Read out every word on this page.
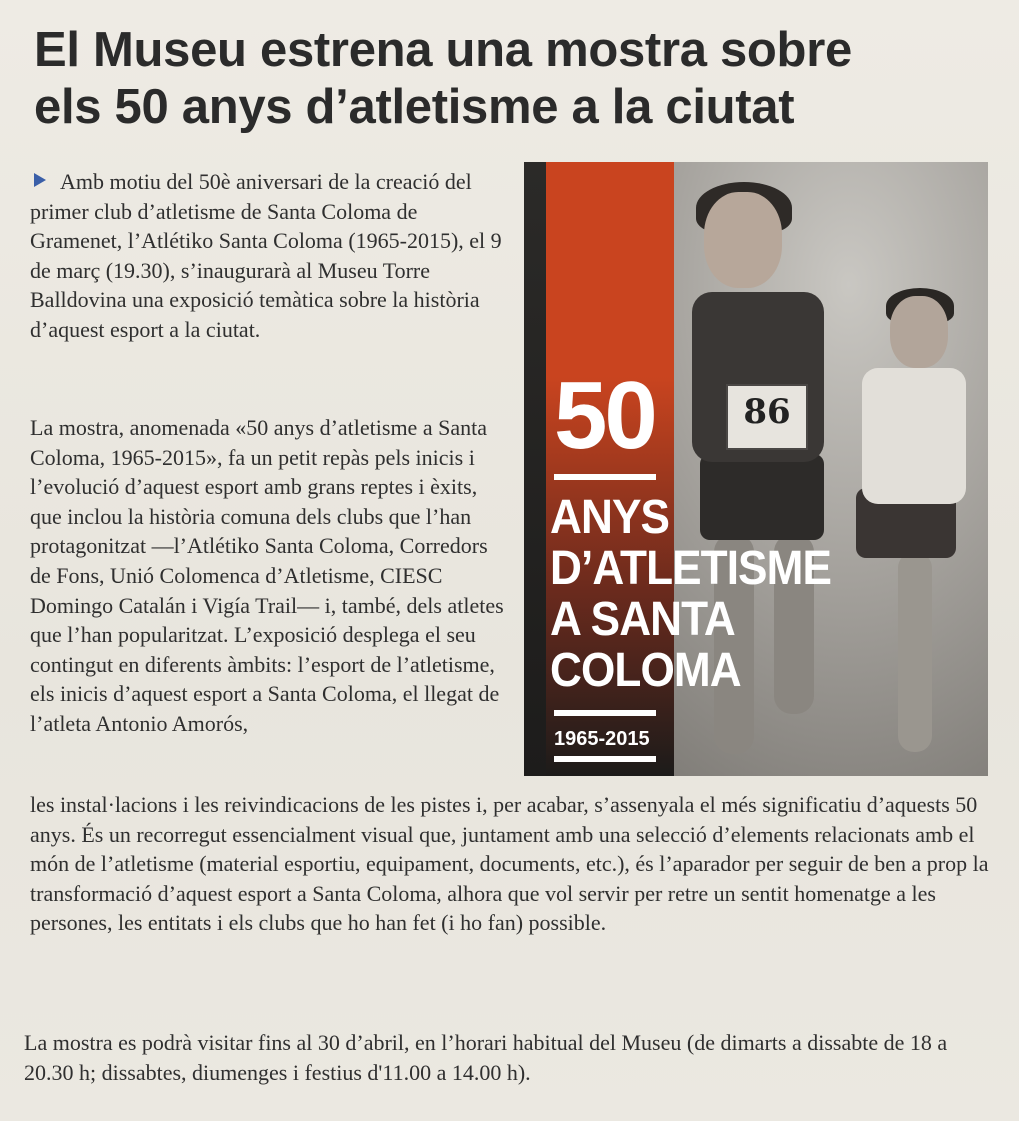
El Museu estrena una mostra sobre
els 50 anys d’atletisme a la ciutat

Amb motiu del 50è aniversari de la creació del primer club d’atletisme de Santa Coloma de Gramenet, l’Atlétiko Santa Coloma (1965-2015), el 9 de març (19.30), s’inaugurarà al Museu Torre Balldovina una exposició temàtica sobre la història d’aquest esport a la ciutat.

La mostra, anomenada «50 anys d’atletisme a Santa Coloma, 1965-2015», fa un petit repàs pels inicis i l’evolució d’aquest esport amb grans reptes i èxits, que inclou la història comuna dels clubs que l’han protagonitzat —l’Atlétiko Santa Coloma, Corredors de Fons, Unió Colomenca d’Atletisme, CIESC Domingo Catalán i Vigía Trail— i, també, dels atletes que l’han popularitzat. L’exposició desplega el seu contingut en diferents àmbits: l’esport de l’atletisme, els inicis d’aquest esport a Santa Coloma, el llegat de l’atleta Antonio Amorós,

les instal·lacions i les reivindicacions de les pistes i, per acabar, s’assenyala el més significatiu d’aquests 50 anys. És un recorregut essencialment visual que, juntament amb una selecció d’elements relacionats amb el món de l’atletisme (material esportiu, equipament, documents, etc.), és l’aparador per seguir de ben a prop la transformació d’aquest esport a Santa Coloma, alhora que vol servir per retre un sentit homenatge a les persones, les entitats i els clubs que ho han fet (i ho fan) possible.

La mostra es podrà visitar fins al 30 d’abril, en l’horari habitual del Museu (de dimarts a dissabte de 18 a 20.30 h; dissabtes, diumenges i festius d'11.00 a 14.00 h).

86
50

ANYS
D’ATLETISME
A SANTA
COLOMA

1965-2015
